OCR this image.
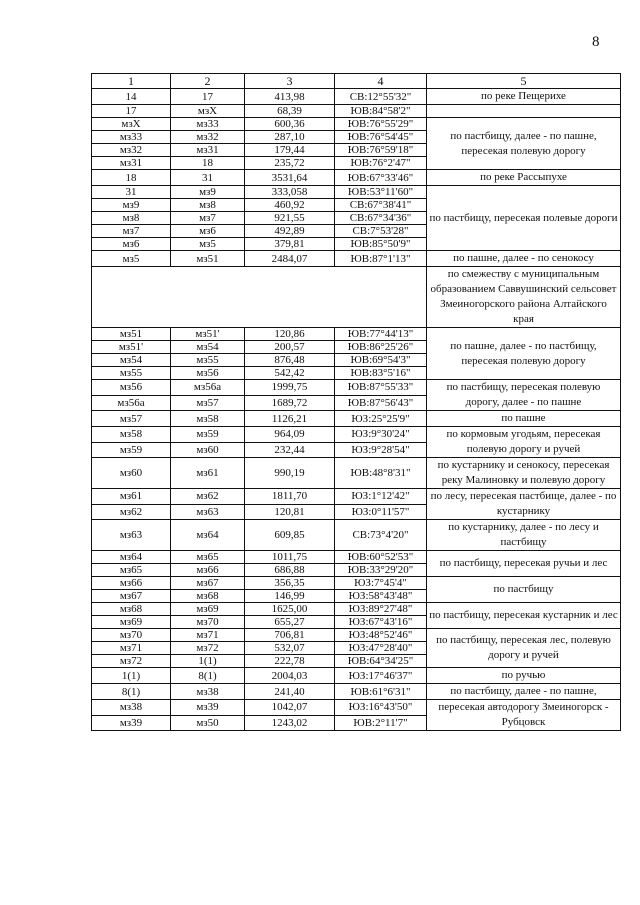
8
1	2	3	4	5
14	17	413,98	СВ:12°55'32"	по реке Пещерихе
17	мзХ	68,39	ЮВ:84°58'2"	
мзХ	мз33	600,36	ЮВ:76°55'29"	по пастбищу, далее - по пашне, пересекая полевую дорогу
мз33	мз32	287,10	ЮВ:76°54'45"	
мз32	мз31	179,44	ЮВ:76°59'18"	
мз31	18	235,72	ЮВ:76°2'47"	
18	31	3531,64	ЮВ:67°33'46"	по реке Рассыпухе
31	мз9	333,058	ЮВ:53°11'60"	по пастбищу, пересекая полевые дороги
мз9	мз8	460,92	СВ:67°38'41"	
мз8	мз7	921,55	СВ:67°34'36"	
мз7	мз6	492,89	СВ:7°53'28"	
мз6	мз5	379,81	ЮВ:85°50'9"	
мз5	мз51	2484,07	ЮВ:87°1'13"	по пашне, далее - по сенокосу
				по смежеству с муниципальным образованием Саввушинский сельсовет Змеиногорского района Алтайского края
мз51	мз51'	120,86	ЮВ:77°44'13"	по пашне, далее - по пастбищу, пересекая полевую дорогу
мз51'	мз54	200,57	ЮВ:86°25'26"	
мз54	мз55	876,48	ЮВ:69°54'3"	
мз55	мз56	542,42	ЮВ:83°5'16"	
мз56	мз56а	1999,75	ЮВ:87°55'33"	по пастбищу, пересекая полевую дорогу, далее - по пашне
мз56а	мз57	1689,72	ЮВ:87°56'43"	
мз57	мз58	1126,21	ЮЗ:25°25'9"	по пашне
мз58	мз59	964,09	ЮЗ:9°30'24"	по кормовым угодьям, пересекая полевую дорогу и ручей
мз59	мз60	232,44	ЮЗ:9°28'54"	
мз60	мз61	990,19	ЮВ:48°8'31"	по кустарнику и сенокосу, пересекая реку Малиновку и полевую дорогу
мз61	мз62	1811,70	ЮЗ:1°12'42"	по лесу, пересекая пастбище, далее - по кустарнику
мз62	мз63	120,81	ЮЗ:0°11'57"	
мз63	мз64	609,85	СВ:73°4'20"	по кустарнику, далее - по лесу и пастбищу
мз64	мз65	1011,75	ЮВ:60°52'53"	по пастбищу, пересекая ручьи и лес
мз65	мз66	686,88	ЮВ:33°29'20"	
мз66	мз67	356,35	ЮЗ:7°45'4"	по пастбищу
мз67	мз68	146,99	ЮЗ:58°43'48"	
мз68	мз69	1625,00	ЮЗ:89°27'48"	по пастбищу, пересекая кустарник и лес
мз69	мз70	655,27	ЮЗ:67°43'16"	
мз70	мз71	706,81	ЮЗ:48°52'46"	по пастбищу, пересекая лес, полевую дорогу и ручей
мз71	мз72	532,07	ЮЗ:47°28'40"	
мз72	1(1)	222,78	ЮВ:64°34'25"	
1(1)	8(1)	2004,03	ЮЗ:17°46'37"	по ручью
8(1)	мз38	241,40	ЮВ:61°6'31"	по пастбищу, далее - по пашне,
мз38	мз39	1042,07	ЮЗ:16°43'50"	пересекая автодорогу Змеиногорск - Рубцовск
мз39	мз50	1243,02	ЮВ:2°11'7"	
